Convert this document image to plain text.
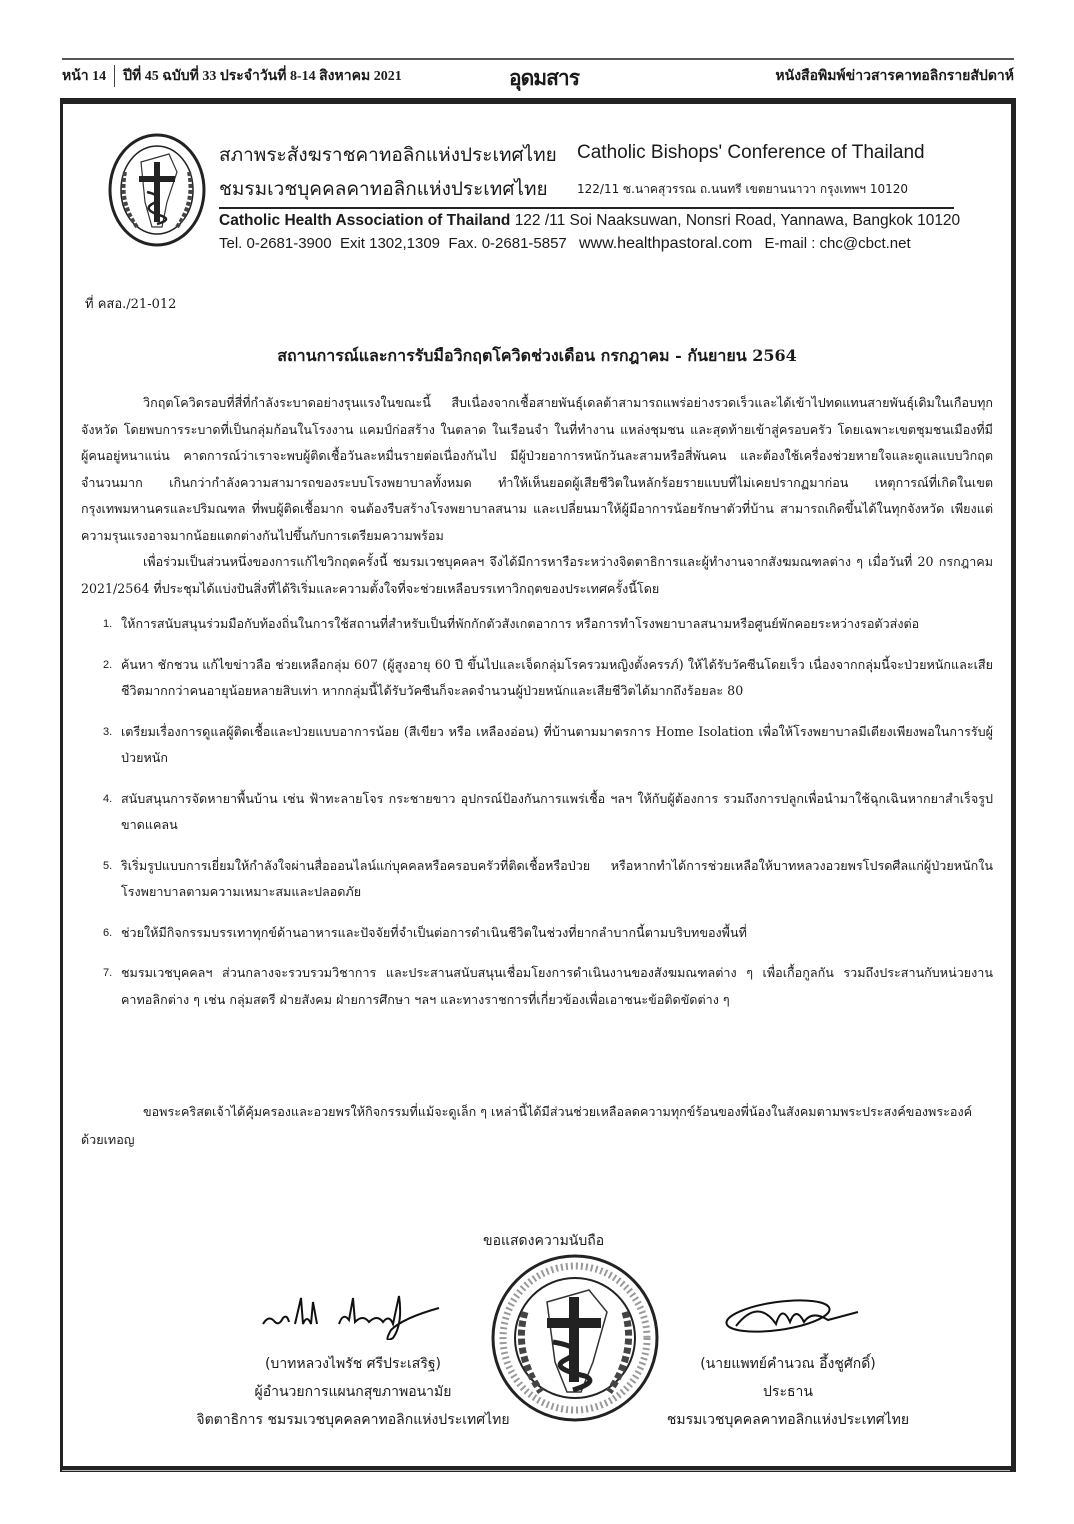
หน้า 14	ปีที่ 45 ฉบับที่ 33 ประจำวันที่ 8-14 สิงหาคม 2021	อุดมสาร	หนังสือพิมพ์ข่าวสารคาทอลิกรายสัปดาห์
สภาพระสังฆราชคาทอลิกแห่งประเทศไทย
ชมรมเวชบุคคลคาทอลิกแห่งประเทศไทย
Catholic Bishops' Conference of Thailand
122/11 ซ.นาคสุวรรณ ถ.นนทรี เขตยานนาวา กรุงเทพฯ 10120
Catholic Health Association of Thailand 122 /11 Soi Naaksuwan, Nonsri Road, Yannawa, Bangkok 10120
Tel. 0-2681-3900 Exit 1302,1309 Fax. 0-2681-5857 www.healthpastoral.com E-mail : chc@cbct.net
ที่ คสอ./21-012
สถานการณ์และการรับมือวิกฤตโควิดช่วงเดือน กรกฎาคม - กันยายน 2564

วิกฤตโควิดรอบที่สี่ที่กำลังระบาดอย่างรุนแรงในขณะนี้ สืบเนื่องจากเชื้อสายพันธุ์เดลต้าสามารถแพร่อย่างรวดเร็วและได้เข้าไปทดแทนสายพันธุ์เดิมในเกือบทุกจังหวัด โดยพบการระบาดที่เป็นกลุ่มก้อนในโรงงาน แคมป์ก่อสร้าง ในตลาด ในเรือนจำ ในที่ทำงาน แหล่งชุมชน และสุดท้ายเข้าสู่ครอบครัว โดยเฉพาะเขตชุมชนเมืองที่มีผู้คนอยู่หนาแน่น คาดการณ์ว่าเราจะพบผู้ติดเชื้อวันละหมื่นรายต่อเนื่องกันไป มีผู้ป่วยอาการหนักวันละสามหรือสี่พันคน และต้องใช้เครื่องช่วยหายใจและดูแลแบบวิกฤตจำนวนมาก เกินกว่ากำลังความสามารถของระบบโรงพยาบาลทั้งหมด ทำให้เห็นยอดผู้เสียชีวิตในหลักร้อยรายแบบที่ไม่เคยปรากฏมาก่อน เหตุการณ์ที่เกิดในเขตกรุงเทพมหานครและปริมณฑล ที่พบผู้ติดเชื้อมาก จนต้องรีบสร้างโรงพยาบาลสนาม และเปลี่ยนมาให้ผู้มีอาการน้อยรักษาตัวที่บ้าน สามารถเกิดขึ้นได้ในทุกจังหวัด เพียงแต่ความรุนแรงอาจมากน้อยแตกต่างกันไปขึ้นกับการเตรียมความพร้อม

เพื่อร่วมเป็นส่วนหนึ่งของการแก้ไขวิกฤตครั้งนี้ ชมรมเวชบุคคลฯ จึงได้มีการหารือระหว่างจิตตาธิการและผู้ทำงานจากสังฆมณฑลต่าง ๆ เมื่อวันที่ 20 กรกฎาคม 2021/2564 ที่ประชุมได้แบ่งปันสิ่งที่ได้ริเริ่มและความตั้งใจที่จะช่วยเหลือบรรเทาวิกฤตของประเทศครั้งนี้โดย

1. ให้การสนับสนุนร่วมมือกับท้องถิ่นในการใช้สถานที่สำหรับเป็นที่พักกักตัวสังเกตอาการ หรือการทำโรงพยาบาลสนามหรือศูนย์พักคอยระหว่างรอตัวส่งต่อ
2. ค้นหา ชักชวน แก้ไขข่าวลือ ช่วยเหลือกลุ่ม 607 (ผู้สูงอายุ 60 ปี ขึ้นไปและเจ็ดกลุ่มโรครวมหญิงตั้งครรภ์) ให้ได้รับวัคซีนโดยเร็ว เนื่องจากกลุ่มนี้จะป่วยหนักและเสียชีวิตมากกว่าคนอายุน้อยหลายสิบเท่า หากกลุ่มนี้ได้รับวัคซีนก็จะลดจำนวนผู้ป่วยหนักและเสียชีวิตได้มากถึงร้อยละ 80
3. เตรียมเรื่องการดูแลผู้ติดเชื้อและป่วยแบบอาการน้อย (สีเขียว หรือ เหลืองอ่อน) ที่บ้านตามมาตรการ Home Isolation เพื่อให้โรงพยาบาลมีเตียงเพียงพอในการรับผู้ป่วยหนัก
4. สนับสนุนการจัดหายาพื้นบ้าน เช่น ฟ้าทะลายโจร กระชายขาว อุปกรณ์ป้องกันการแพร่เชื้อ ฯลฯ ให้กับผู้ต้องการ รวมถึงการปลูกเพื่อนำมาใช้ฉุกเฉินหากยาสำเร็จรูปขาดแคลน
5. ริเริ่มรูปแบบการเยี่ยมให้กำลังใจผ่านสื่อออนไลน์แก่บุคคลหรือครอบครัวที่ติดเชื้อหรือป่วย หรือหากทำได้การช่วยเหลือให้บาทหลวงอวยพรโปรดศีลแก่ผู้ป่วยหนักในโรงพยาบาลตามความเหมาะสมและปลอดภัย
6. ช่วยให้มีกิจกรรมบรรเทาทุกข์ด้านอาหารและปัจจัยที่จำเป็นต่อการดำเนินชีวิตในช่วงที่ยากลำบากนี้ตามบริบทของพื้นที่
7. ชมรมเวชบุคคลฯ ส่วนกลางจะรวบรวมวิชาการ และประสานสนับสนุนเชื่อมโยงการดำเนินงานของสังฆมณฑลต่าง ๆ เพื่อเกื้อกูลกัน รวมถึงประสานกับหน่วยงานคาทอลิกต่าง ๆ เช่น กลุ่มสตรี ฝ่ายสังคม ฝ่ายการศึกษา ฯลฯ และทางราชการที่เกี่ยวข้องเพื่อเอาชนะข้อติดขัดต่าง ๆ

ขอพระคริสตเจ้าได้คุ้มครองและอวยพรให้กิจกรรมที่แม้จะดูเล็ก ๆ เหล่านี้ได้มีส่วนช่วยเหลือลดความทุกข์ร้อนของพี่น้องในสังคมตามพระประสงค์ของพระองค์ด้วยเทอญ

ขอแสดงความนับถือ
(บาทหลวงไพรัช ศรีประเสริฐ)
ผู้อำนวยการแผนกสุขภาพอนามัย
จิตตาธิการ ชมรมเวชบุคคลคาทอลิกแห่งประเทศไทย
(นายแพทย์คำนวณ อึ้งชูศักดิ์)
ประธาน
ชมรมเวชบุคคลคาทอลิกแห่งประเทศไทย
